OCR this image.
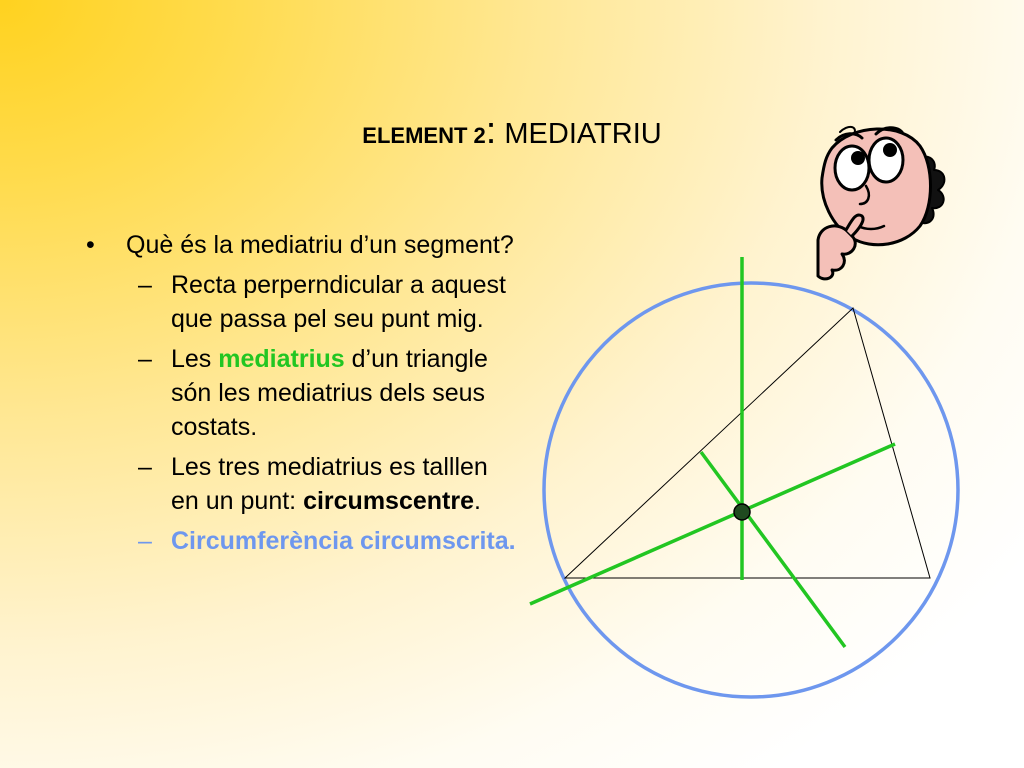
ELEMENT 2: MEDIATRIU
• Què és la mediatriu d’un segment?
– Recta perperndicular a aquest que passa pel seu punt mig.
– Les mediatrius d’un triangle són les mediatrius dels seus costats.
– Les tres mediatrius es talllen en un punt: circumscentre.
– Circumferència circumscrita.
